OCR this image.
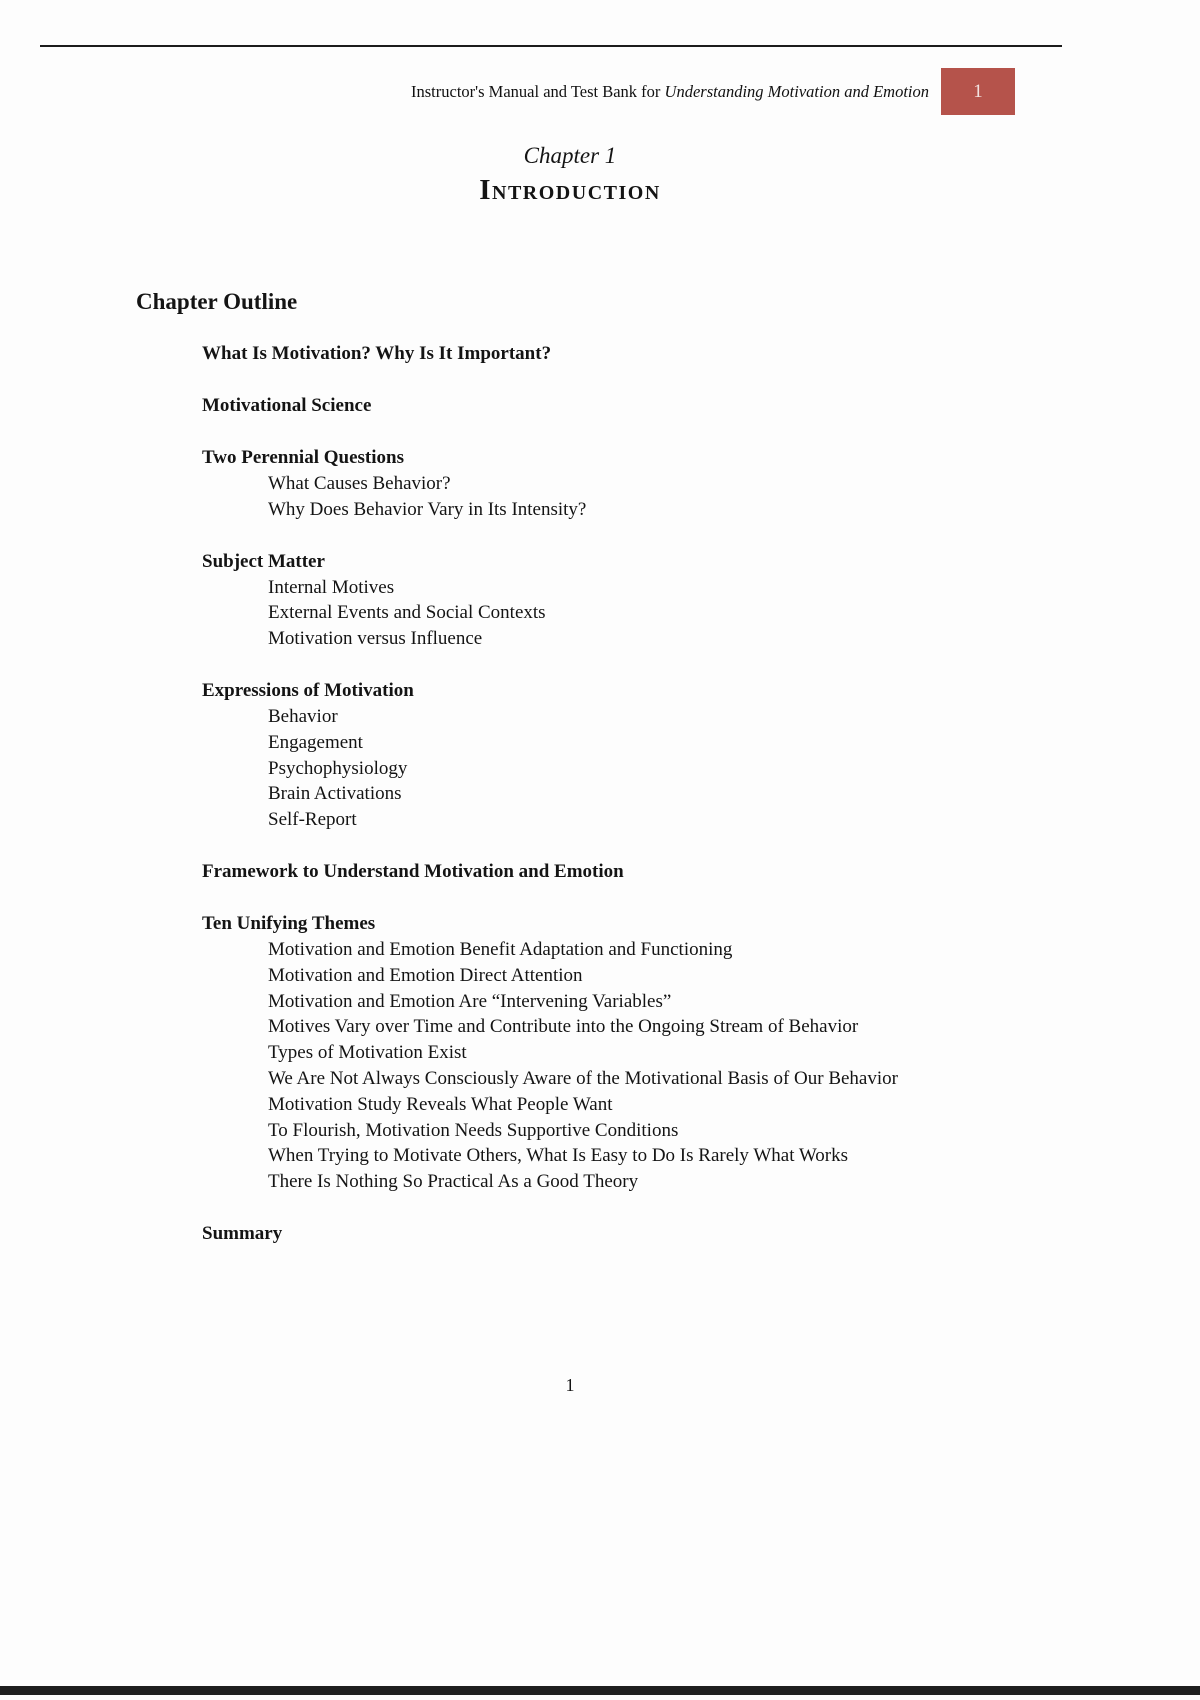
Instructor's Manual and Test Bank for Understanding Motivation and Emotion	1
Chapter 1
Introduction
Chapter Outline
What Is Motivation? Why Is It Important?
Motivational Science
Two Perennial Questions
What Causes Behavior?
Why Does Behavior Vary in Its Intensity?
Subject Matter
Internal Motives
External Events and Social Contexts
Motivation versus Influence
Expressions of Motivation
Behavior
Engagement
Psychophysiology
Brain Activations
Self-Report
Framework to Understand Motivation and Emotion
Ten Unifying Themes
Motivation and Emotion Benefit Adaptation and Functioning
Motivation and Emotion Direct Attention
Motivation and Emotion Are “Intervening Variables”
Motives Vary over Time and Contribute into the Ongoing Stream of Behavior
Types of Motivation Exist
We Are Not Always Consciously Aware of the Motivational Basis of Our Behavior
Motivation Study Reveals What People Want
To Flourish, Motivation Needs Supportive Conditions
When Trying to Motivate Others, What Is Easy to Do Is Rarely What Works
There Is Nothing So Practical As a Good Theory
Summary
1
